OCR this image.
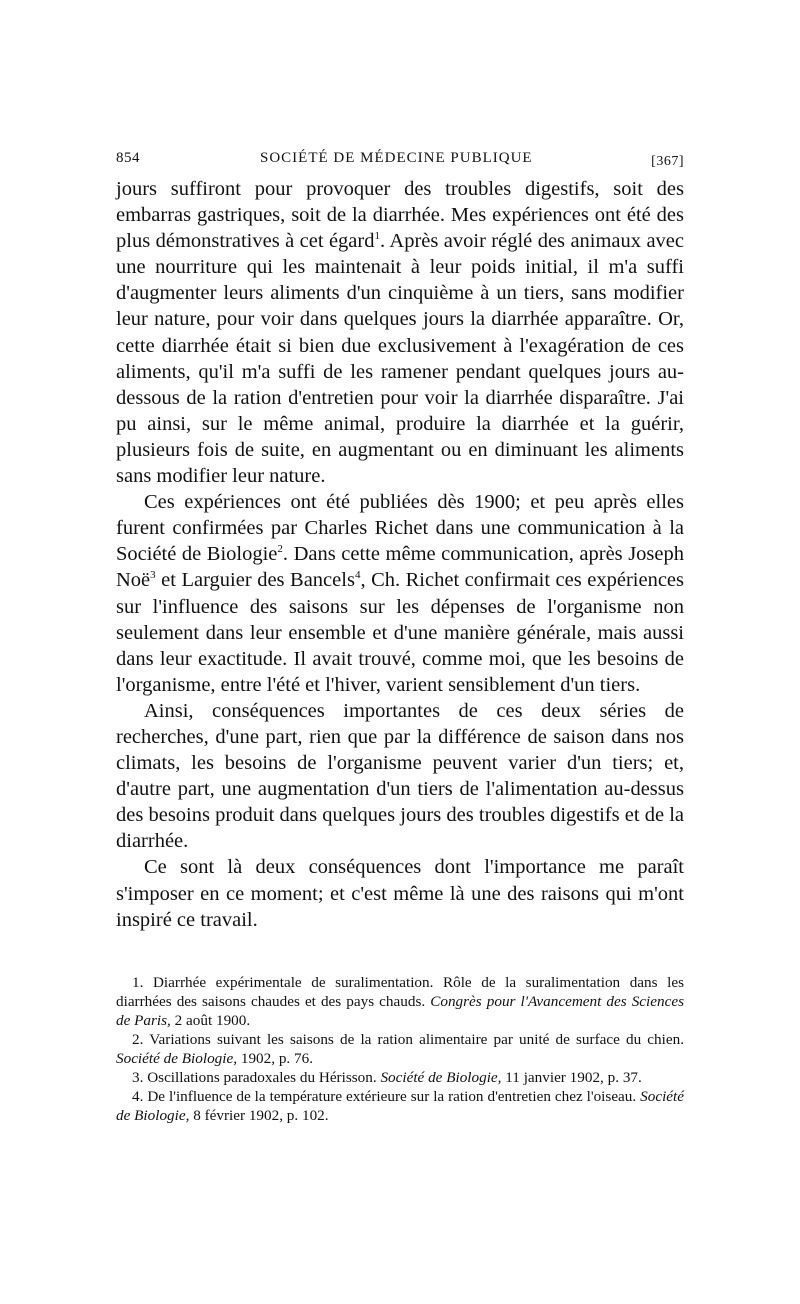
854	SOCIÉTÉ DE MÉDECINE PUBLIQUE	[367]

jours suffiront pour provoquer des troubles digestifs, soit des embarras gastriques, soit de la diarrhée. Mes expériences ont été des plus démonstratives à cet égard$^1$. Après avoir réglé des animaux avec une nourriture qui les maintenait à leur poids initial, il m'a suffi d'augmenter leurs aliments d'un cinquième à un tiers, sans modifier leur nature, pour voir dans quelques jours la diarrhée apparaître. Or, cette diarrhée était si bien due exclusivement à l'exagération de ces aliments, qu'il m'a suffi de les ramener pendant quelques jours au-dessous de la ration d'entretien pour voir la diarrhée disparaître. J'ai pu ainsi, sur le même animal, produire la diarrhée et la guérir, plusieurs fois de suite, en augmentant ou en diminuant les aliments sans modifier leur nature.

Ces expériences ont été publiées dès 1900; et peu après elles furent confirmées par Charles Richet dans une communication à la Société de Biologie$^2$. Dans cette même communication, après Joseph Noë$^3$ et Larguier des Bancels$^4$, Ch. Richet confirmait ces expériences sur l'influence des saisons sur les dépenses de l'organisme non seulement dans leur ensemble et d'une manière générale, mais aussi dans leur exactitude. Il avait trouvé, comme moi, que les besoins de l'organisme, entre l'été et l'hiver, varient sensiblement d'un tiers.

Ainsi, conséquences importantes de ces deux séries de recherches, d'une part, rien que par la différence de saison dans nos climats, les besoins de l'organisme peuvent varier d'un tiers; et, d'autre part, une augmentation d'un tiers de l'alimentation au-dessus des besoins produit dans quelques jours des troubles digestifs et de la diarrhée.

Ce sont là deux conséquences dont l'importance me paraît s'imposer en ce moment; et c'est même là une des raisons qui m'ont inspiré ce travail.

1. Diarrhée expérimentale de suralimentation. Rôle de la suralimentation dans les diarrhées des saisons chaudes et des pays chauds. Congrès pour l'Avancement des Sciences de Paris, 2 août 1900.
2. Variations suivant les saisons de la ration alimentaire par unité de surface du chien. Société de Biologie, 1902, p. 76.
3. Oscillations paradoxales du Hérisson. Société de Biologie, 11 janvier 1902, p. 37.
4. De l'influence de la température extérieure sur la ration d'entretien chez l'oiseau. Société de Biologie, 8 février 1902, p. 102.
